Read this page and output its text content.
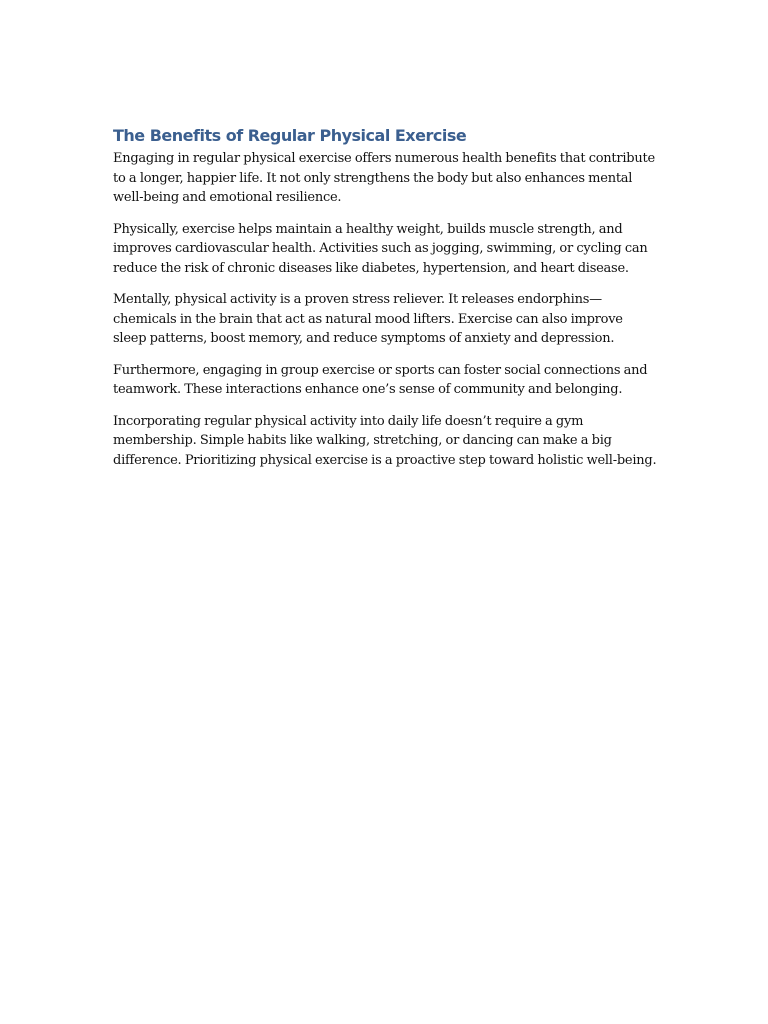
The Benefits of Regular Physical Exercise

Engaging in regular physical exercise offers numerous health benefits that contribute to a longer, happier life. It not only strengthens the body but also enhances mental well-being and emotional resilience.

Physically, exercise helps maintain a healthy weight, builds muscle strength, and improves cardiovascular health. Activities such as jogging, swimming, or cycling can reduce the risk of chronic diseases like diabetes, hypertension, and heart disease.

Mentally, physical activity is a proven stress reliever. It releases endorphins—chemicals in the brain that act as natural mood lifters. Exercise can also improve sleep patterns, boost memory, and reduce symptoms of anxiety and depression.

Furthermore, engaging in group exercise or sports can foster social connections and teamwork. These interactions enhance one’s sense of community and belonging.

Incorporating regular physical activity into daily life doesn’t require a gym membership. Simple habits like walking, stretching, or dancing can make a big difference. Prioritizing physical exercise is a proactive step toward holistic well-being.
